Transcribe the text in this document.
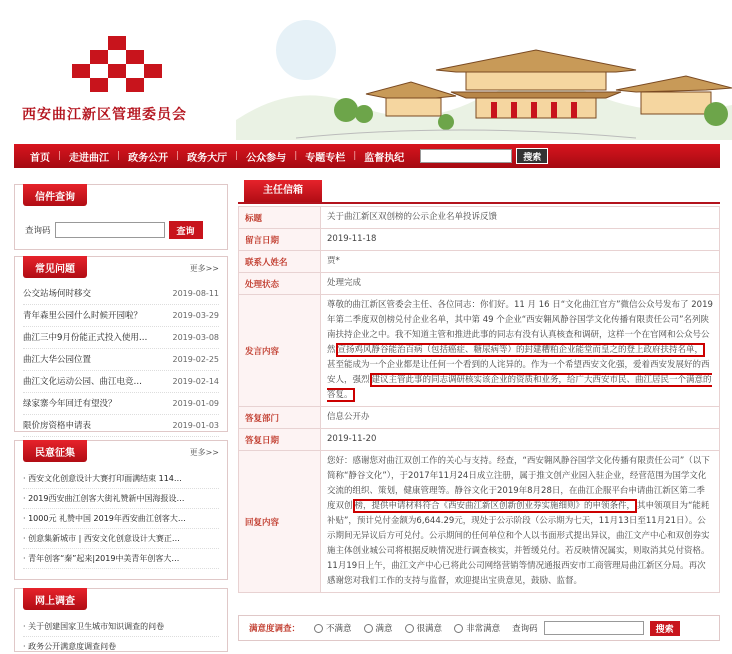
西安曲江新区管理委员会
首页 | 走进曲江 | 政务公开 | 政务大厅 | 公众参与 | 专题专栏 | 监督执纪	搜索
信件查询
查询码	查询
常见问题	更多>>
公交站场何时移交	2019-08-11
青年森里公园什么时候开园啦？	2019-03-29
曲江三中9月份能正式投入使用…	2019-03-08
曲江大华公园位置	2019-02-25
曲江文化运动公园、曲江电竞…	2019-02-14
绿家寨今年回迁有望没？	2019-01-09
限价房资格申请表	2019-01-03
民意征集	更多>>
· 西安文化创意设计大赛打印面满结束 114…
· 2019西安曲江创客大街礼赞新中国海报设…
· 1000元 礼赞中国 2019年西安曲江创客大…
· 创意集新城市 | 西安文化创意设计大赛正…
· 青年创客“秦”起来|2019中美青年创客大…
网上调查
· 关于创建国家卫生城市知识调查的问卷
· 政务公开满意度调查问卷
主任信箱
标题	关于曲江新区双创榜的公示企业名单投诉反馈
留言日期	2019-11-18
联系人姓名	贾*
处理状态	处理完成
发言内容	尊敬的曲江新区管委会主任、各位同志：你们好。11 月 16 日“文化曲江官方”微信公众号发布了 2019 年第二季度双创榜兑付企业名单，其中第 49 个企业“西安翱风静谷国学文化传播有限责任公司”名列陕南扶持企业之中。我不知道主管和推进此事的同志有没有认真核查和调研，这样一个在官网和公众号公然 宣扬鸡风静谷能治百病（包括癌症、糖尿病等）的封建糟粕企业能堂而皇之的登上政府扶持名单，甚至能成为一个企业都是让任何一个看到的人诧异的。作为一个希望西安文化强，爱着西安发展好的西安人，强烈 建议主管此事的同志调研核实该企业的资质和业务，给广大西安市民、曲江居民一个满意的答复。
答复部门	信息公开办
答复日期	2019-11-20
回复内容	您好：感谢您对曲江双创工作的关心与支持。经查，“西安翱风静谷国学文化传播有限责任公司”（以下简称“静谷文化”），于2017年11月24日成立注册，属于推文创产业园入驻企业，经营范围为国学文化交流的组织、策划，健康管理等。静谷文化于2019年8月28日，在曲江企服平台申请曲江新区第二季度双创 榜，提供申请材料符合《西安曲江新区创新创业券实施细则》的申领条件， 其申领项目为“能耗补贴”，预计兑付金额为6,644.29元，现处于公示阶段（公示期为七天，11月13日至11月21日）。公示期间无异议后方可兑付。公示期间的任何单位和个人以书面形式提出异议，曲江文产中心和双创券实施主体创业城公司将根据反映情况进行调查核实，并暂缓兑付。若反映情况属实，则取消其兑付资格。11月19日上午，曲江文产中心已将此公司网络营销等情况通报西安市工商管理局曲江新区分局。再次感谢您对我们工作的支持与监督，欢迎提出宝贵意见，鼓励、监督。
满意度调查：	不满意	满意	很满意	非常满意 查询码	搜索
